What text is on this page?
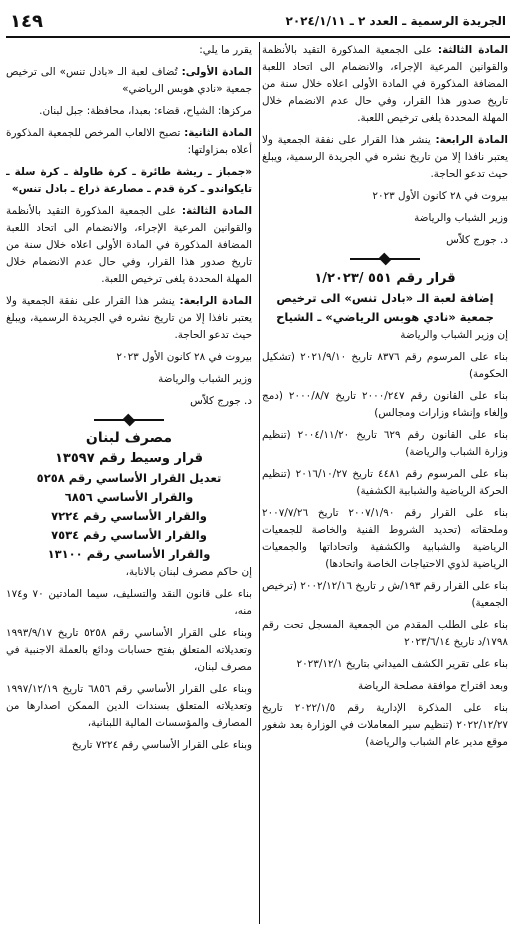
الجريدة الرسمية ـ العدد ٢ ـ ٢٠٢٤/١/١١
١٤٩

المادة الثالثة: على الجمعية المذكورة التقيد بالأنظمة والقوانين المرعية الإجراء، والانضمام الى اتحاد اللعبة المضافة المذكورة في المادة الأولى اعلاه خلال سنة من تاريخ صدور هذا القرار، وفي حال عدم الانضمام خلال المهلة المحددة يلغى ترخيص اللعبة.

المادة الرابعة: ينشر هذا القرار على نفقة الجمعية ولا يعتبر نافذا إلا من تاريخ نشره في الجريدة الرسمية، ويبلغ حيث تدعو الحاجة.

بيروت في ٢٨ كانون الأول ٢٠٢٣

وزير الشباب والرياضة

د. جورج كلاّس

قرار رقم ٥٥١ /١/٢٠٢٣
إضافة لعبة الـ «بادل تنس» الى ترخيص جمعية «نادي هوبس الرياضي» ـ الشياح

إن وزير الشباب والرياضة

بناء على المرسوم رقم ٨٣٧٦ تاريخ ٢٠٢١/٩/١٠ (تشكيل الحكومة)

بناء على القانون رقم ٢٠٠٠/٢٤٧ تاريخ ٢٠٠٠/٨/٧ (دمج وإلغاء وإنشاء وزارات ومجالس)

بناء على القانون رقم ٦٢٩ تاريخ ٢٠٠٤/١١/٢٠ (تنظيم وزارة الشباب والرياضة)

بناء على المرسوم رقم ٤٤٨١ تاريخ ٢٠١٦/١٠/٢٧ (تنظيم الحركة الرياضية والشبابية الكشفية)

بناء على القرار رقم ٢٠٠٧/١/٩٠ تاريخ ٢٠٠٧/٧/٢٦ وملحقاته (تحديد الشروط الفنية والخاصة للجمعيات الرياضية والشبابية والكشفية واتحاداتها والجمعيات الرياضية لذوي الاحتياجات الخاصة واتحادها)

بناء على القرار رقم ١٩٣/ش ر تاريخ ٢٠٠٢/١٢/١٦ (ترخيص الجمعية)

بناء على الطلب المقدم من الجمعية المسجل تحت رقم ١٧٩٨/د تاريخ ٢٠٢٣/٦/١٤

بناء على تقرير الكشف الميداني بتاريخ ٢٠٢٣/١٢/١

وبعد اقتراح موافقة مصلحة الرياضة

بناء على المذكرة الإدارية رقم ٢٠٢٢/١/٥ تاريخ ٢٠٢٢/١٢/٢٧ (تنظيم سير المعاملات في الوزارة بعد شغور موقع مدير عام الشباب والرياضة)

يقرر ما يلي:

المادة الأولى: تُضاف لعبة الـ «بادل تنس» الى ترخيص جمعية «نادي هوبس الرياضي»

مركزها: الشياح، قضاء: بعبدا، محافظة: جبل لبنان.

المادة الثانية: تصبح الالعاب المرخص للجمعية المذكورة أعلاه بمزاولتها:

«جمباز ـ ريشة طائرة ـ كرة طاولة ـ كرة سلة ـ تايكواندو ـ كرة قدم ـ مصارعة ذراع ـ بادل تنس»

المادة الثالثة: على الجمعية المذكورة التقيد بالأنظمة والقوانين المرعية الإجراء، والانضمام الى اتحاد اللعبة المضافة المذكورة في المادة الأولى اعلاه خلال سنة من تاريخ صدور هذا القرار، وفي حال عدم الانضمام خلال المهلة المحددة يلغى ترخيص اللعبة.

المادة الرابعة: ينشر هذا القرار على نفقة الجمعية ولا يعتبر نافذا إلا من تاريخ نشره في الجريدة الرسمية، ويبلغ حيث تدعو الحاجة.

بيروت في ٢٨ كانون الأول ٢٠٢٣

وزير الشباب والرياضة

د. جورج كلاّس

مصرف لبنان
قرار وسيط رقم ١٣٥٩٧
تعديل القرار الأساسي رقم ٥٢٥٨
والقرار الأساسي ٦٨٥٦
والقرار الأساسي رقم ٧٢٢٤
والقرار الأساسي رقم ٧٥٣٤
والقرار الأساسي رقم ١٣١٠٠

إن حاكم مصرف لبنان بالانابة،

بناء على قانون النقد والتسليف، سيما المادتين ٧٠ و١٧٤ منه،

وبناء على القرار الأساسي رقم ٥٢٥٨ تاريخ ١٩٩٣/٩/١٧ وتعديلاته المتعلق بفتح حسابات ودائع بالعملة الاجنبية في مصرف لبنان،

وبناء على القرار الأساسي رقم ٦٨٥٦ تاريخ ١٩٩٧/١٢/١٩ وتعديلاته المتعلق بسندات الدين الممكن اصدارها من المصارف والمؤسسات المالية اللبنانية،

وبناء على القرار الأساسي رقم ٧٢٢٤ تاريخ
